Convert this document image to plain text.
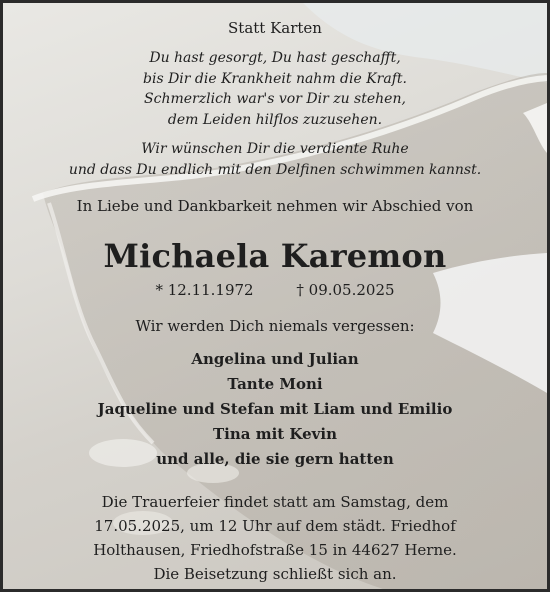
Statt Karten
Du hast gesorgt, Du hast geschafft,
bis Dir die Krankheit nahm die Kraft.
Schmerzlich war's vor Dir zu stehen,
dem Leiden hilflos zuzusehen.
Wir wünschen Dir die verdiente Ruhe
und dass Du endlich mit den Delfinen schwimmen kannst.
In Liebe und Dankbarkeit nehmen wir Abschied von
Michaela Karemon
* 12.11.1972	† 09.05.2025
Wir werden Dich niemals vergessen:
Angelina und Julian
Tante Moni
Jaqueline und Stefan mit Liam und Emilio
Tina mit Kevin
und alle, die sie gern hatten
Die Trauerfeier findet statt am Samstag, dem
17.05.2025, um 12 Uhr auf dem städt. Friedhof
Holthausen, Friedhofstraße 15 in 44627 Herne.
Die Beisetzung schließt sich an.
